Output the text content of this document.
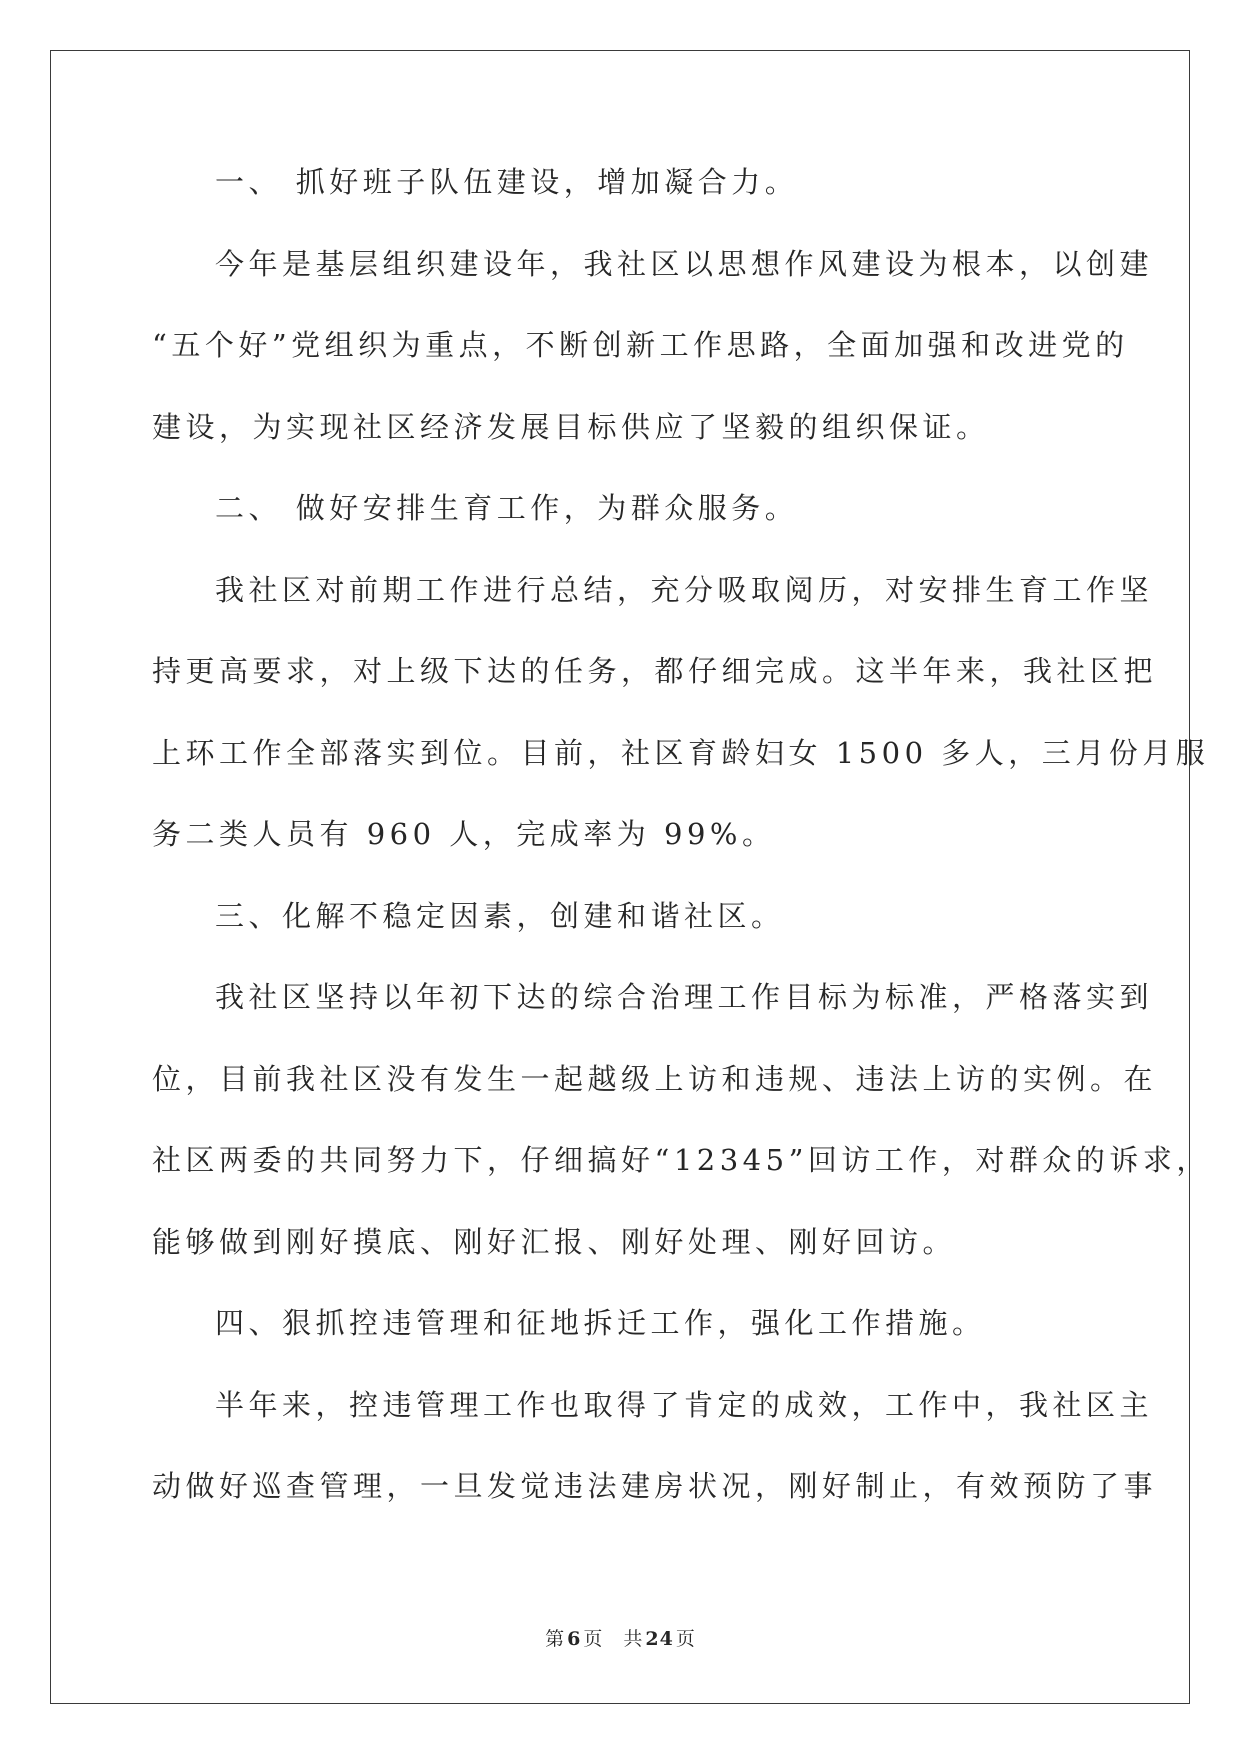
一、 抓好班子队伍建设，增加凝合力。
今年是基层组织建设年，我社区以思想作风建设为根本，以创建
“五个好”党组织为重点，不断创新工作思路，全面加强和改进党的
建设，为实现社区经济发展目标供应了坚毅的组织保证。
二、 做好安排生育工作，为群众服务。
我社区对前期工作进行总结，充分吸取阅历，对安排生育工作坚
持更高要求，对上级下达的任务，都仔细完成。这半年来，我社区把
上环工作全部落实到位。目前，社区育龄妇女 1500 多人，三月份月服
务二类人员有 960 人，完成率为 99%。
三、化解不稳定因素，创建和谐社区。
我社区坚持以年初下达的综合治理工作目标为标准，严格落实到
位，目前我社区没有发生一起越级上访和违规、违法上访的实例。在
社区两委的共同努力下，仔细搞好“12345”回访工作，对群众的诉求，
能够做到刚好摸底、刚好汇报、刚好处理、刚好回访。
四、狠抓控违管理和征地拆迁工作，强化工作措施。
半年来，控违管理工作也取得了肯定的成效，工作中，我社区主
动做好巡查管理，一旦发觉违法建房状况，刚好制止，有效预防了事
第 6 页 共 24 页
